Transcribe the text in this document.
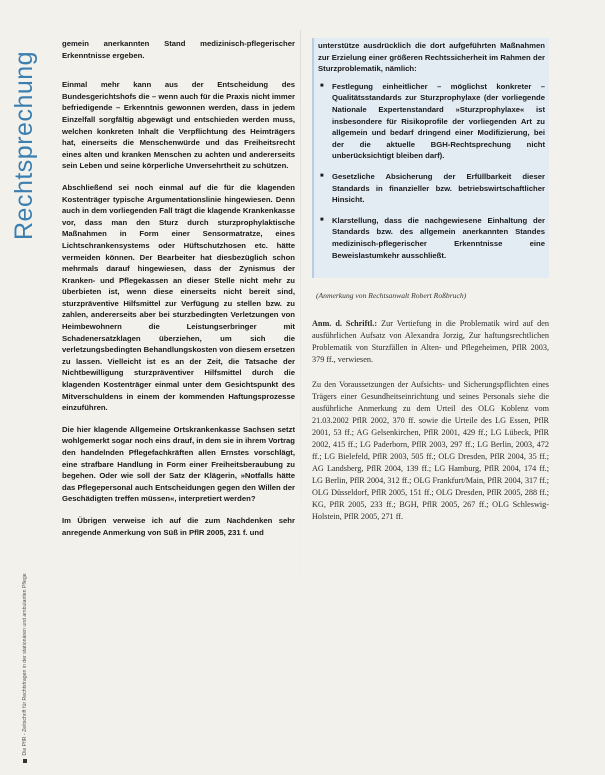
Rechtsprechung
Die PflR - Zeitschrift für Rechtsfragen in der stationären und ambulanten Pflege

gemein anerkannten Stand medizinisch-pflegerischer Erkenntnisse ergeben.

Einmal mehr kann aus der Entscheidung des Bundesgerichtshofs die – wenn auch für die Praxis nicht immer befriedigende – Erkenntnis gewonnen werden, dass in jedem Einzelfall sorgfältig abgewägt und entschieden werden muss, welchen konkreten Inhalt die Verpflichtung des Heimträgers hat, einerseits die Menschenwürde und das Freiheitsrecht eines alten und kranken Menschen zu achten und andererseits sein Leben und seine körperliche Unversehrtheit zu schützen.

Abschließend sei noch einmal auf die für die klagenden Kostenträger typische Argumentationslinie hingewiesen. Denn auch in dem vorliegenden Fall trägt die klagende Krankenkasse vor, dass man den Sturz durch sturzprophylaktische Maßnahmen in Form einer Sensormatratze, eines Lichtschrankensystems oder Hüftschutzhosen etc. hätte vermeiden können. Der Bearbeiter hat diesbezüglich schon mehrmals darauf hingewiesen, dass der Zynismus der Kranken- und Pflegekassen an dieser Stelle nicht mehr zu überbieten ist, wenn diese einerseits nicht bereit sind, sturzpräventive Hilfsmittel zur Verfügung zu stellen bzw. zu zahlen, andererseits aber bei sturzbedingten Verletzungen von Heimbewohnern die Leistungserbringer mit Schadenersatzklagen überziehen, um sich die verletzungsbedingten Behandlungskosten von diesem ersetzen zu lassen. Vielleicht ist es an der Zeit, die Tatsache der Nichtbewilligung sturzpräventiver Hilfsmittel durch die klagenden Kostenträger einmal unter dem Gesichtspunkt des Mitverschuldens in einem der kommenden Haftungsprozesse einzuführen.

Die hier klagende Allgemeine Ortskrankenkasse Sachsen setzt wohlgemerkt sogar noch eins drauf, in dem sie in ihrem Vortrag den handelnden Pflegefachkräften allen Ernstes vorschlägt, eine strafbare Handlung in Form einer Freiheitsberaubung zu begehen. Oder wie soll der Satz der Klägerin, »Notfalls hätte das Pflegepersonal auch Entscheidungen gegen den Willen der Geschädigten treffen müssen«, interpretiert werden?

Im Übrigen verweise ich auf die zum Nachdenken sehr anregende Anmerkung von Süß in PflR 2005, 231 f. und

unterstütze ausdrücklich die dort aufgeführten Maßnahmen zur Erzielung einer größeren Rechtssicherheit im Rahmen der Sturzproblematik, nämlich:

■ Festlegung einheitlicher – möglichst konkreter – Qualitätsstandards zur Sturzprophylaxe (der vorliegende Nationale Expertenstandard »Sturzprophylaxe« ist insbesondere für Risikoprofile der vorliegenden Art zu allgemein und bedarf dringend einer Modifizierung, bei der die aktuelle BGH-Rechtsprechung nicht unberücksichtigt bleiben darf).
■ Gesetzliche Absicherung der Erfüllbarkeit dieser Standards in finanzieller bzw. betriebswirtschaftlicher Hinsicht.
■ Klarstellung, dass die nachgewiesene Einhaltung der Standards bzw. des allgemein anerkannten Standes medizinisch-pflegerischer Erkenntnisse eine Beweislastumkehr ausschließt.
(Anmerkung von Rechtsanwalt Robert Roßbruch)

Anm. d. Schriftl.: Zur Vertiefung in die Problematik wird auf den ausführlichen Aufsatz von Alexandra Jorzig, Zur haftungsrechtlichen Problematik von Sturzfällen in Alten- und Pflegeheimen, PflR 2003, 379 ff., verwiesen.

Zu den Voraussetzungen der Aufsichts- und Sicherungspflichten eines Trägers einer Gesundheitseinrichtung und seines Personals siehe die ausführliche Anmerkung zu dem Urteil des OLG Koblenz vom 21.03.2002 PflR 2002, 370 ff. sowie die Urteile des LG Essen, PflR 2001, 53 ff.; AG Gelsenkirchen, PflR 2001, 429 ff.; LG Lübeck, PflR 2002, 415 ff.; LG Paderborn, PflR 2003, 297 ff.; LG Berlin, 2003, 472 ff.; LG Bielefeld, PflR 2003, 505 ff.; OLG Dresden, PflR 2004, 35 ff.; AG Landsberg, PflR 2004, 139 ff.; LG Hamburg, PflR 2004, 174 ff.; LG Berlin, PflR 2004, 312 ff.; OLG Frankfurt/Main, PflR 2004, 317 ff.; OLG Düsseldorf, PflR 2005, 151 ff.; OLG Dresden, PflR 2005, 288 ff.; KG, PflR 2005, 233 ff.; BGH, PflR 2005, 267 ff.; OLG Schleswig-Holstein, PflR 2005, 271 ff.
